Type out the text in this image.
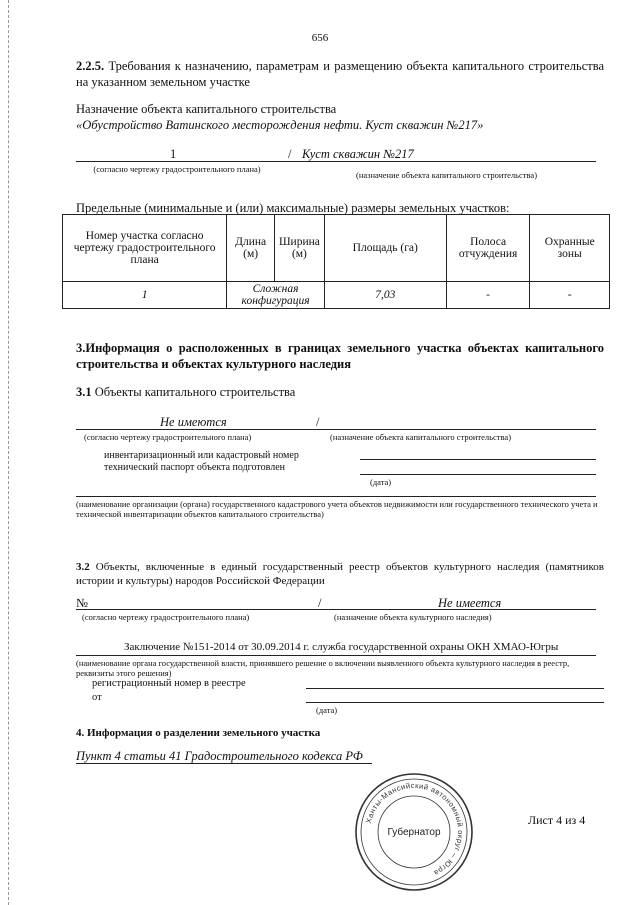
656
2.2.5. Требования к назначению, параметрам и размещению объекта капитального строительства на указанном земельном участке
Назначение объекта капитального строительства
«Обустройство Ватинского месторождения нефти. Куст скважин №217»
1	/ Куст скважин №217
(согласно чертежу градостроительного плана)
(назначение объекта капитального строительства)
Предельные (минимальные и (или) максимальные) размеры земельных участков:
Номер участка согласно чертежу градостроительного плана	Длина (м)	Ширина (м)	Площадь (га)	Полоса отчуждения	Охранные зоны
1	Сложная конфигурация		7,03	-	-
3.Информация о расположенных в границах земельного участка объектах капитального строительства и объектах культурного наследия
3.1 Объекты капитального строительства
Не имеются	/
(согласно чертежу градостроительного плана)	(назначение объекта капитального строительства)
инвентаризационный или кадастровый номер технический паспорт объекта подготовлен
(дата)
(наименование организации (органа) государственного кадастрового учета объектов недвижимости или государственного технического учета и технической инвентаризации объектов капитального строительства)
3.2 Объекты, включенные в единый государственный реестр объектов культурного наследия (памятников истории и культуры) народов Российской Федерации
№	/	Не имеется
(согласно чертежу градостроительного плана)	(назначение объекта культурного наследия)
Заключение №151-2014 от 30.09.2014 г. служба государственной охраны ОКН ХМАО-Югры
(наименование органа государственной власти, принявшего решение о включении выявленного объекта культурного наследия в реестр, реквизиты этого решения)
регистрационный номер в реестре
от
(дата)
4. Информация о разделении земельного участка
Пункт 4 статьи 41 Градостроительного кодекса РФ
Ханты-Мансийский автономный округ – Югра
Губернатор
Лист 4 из 4
